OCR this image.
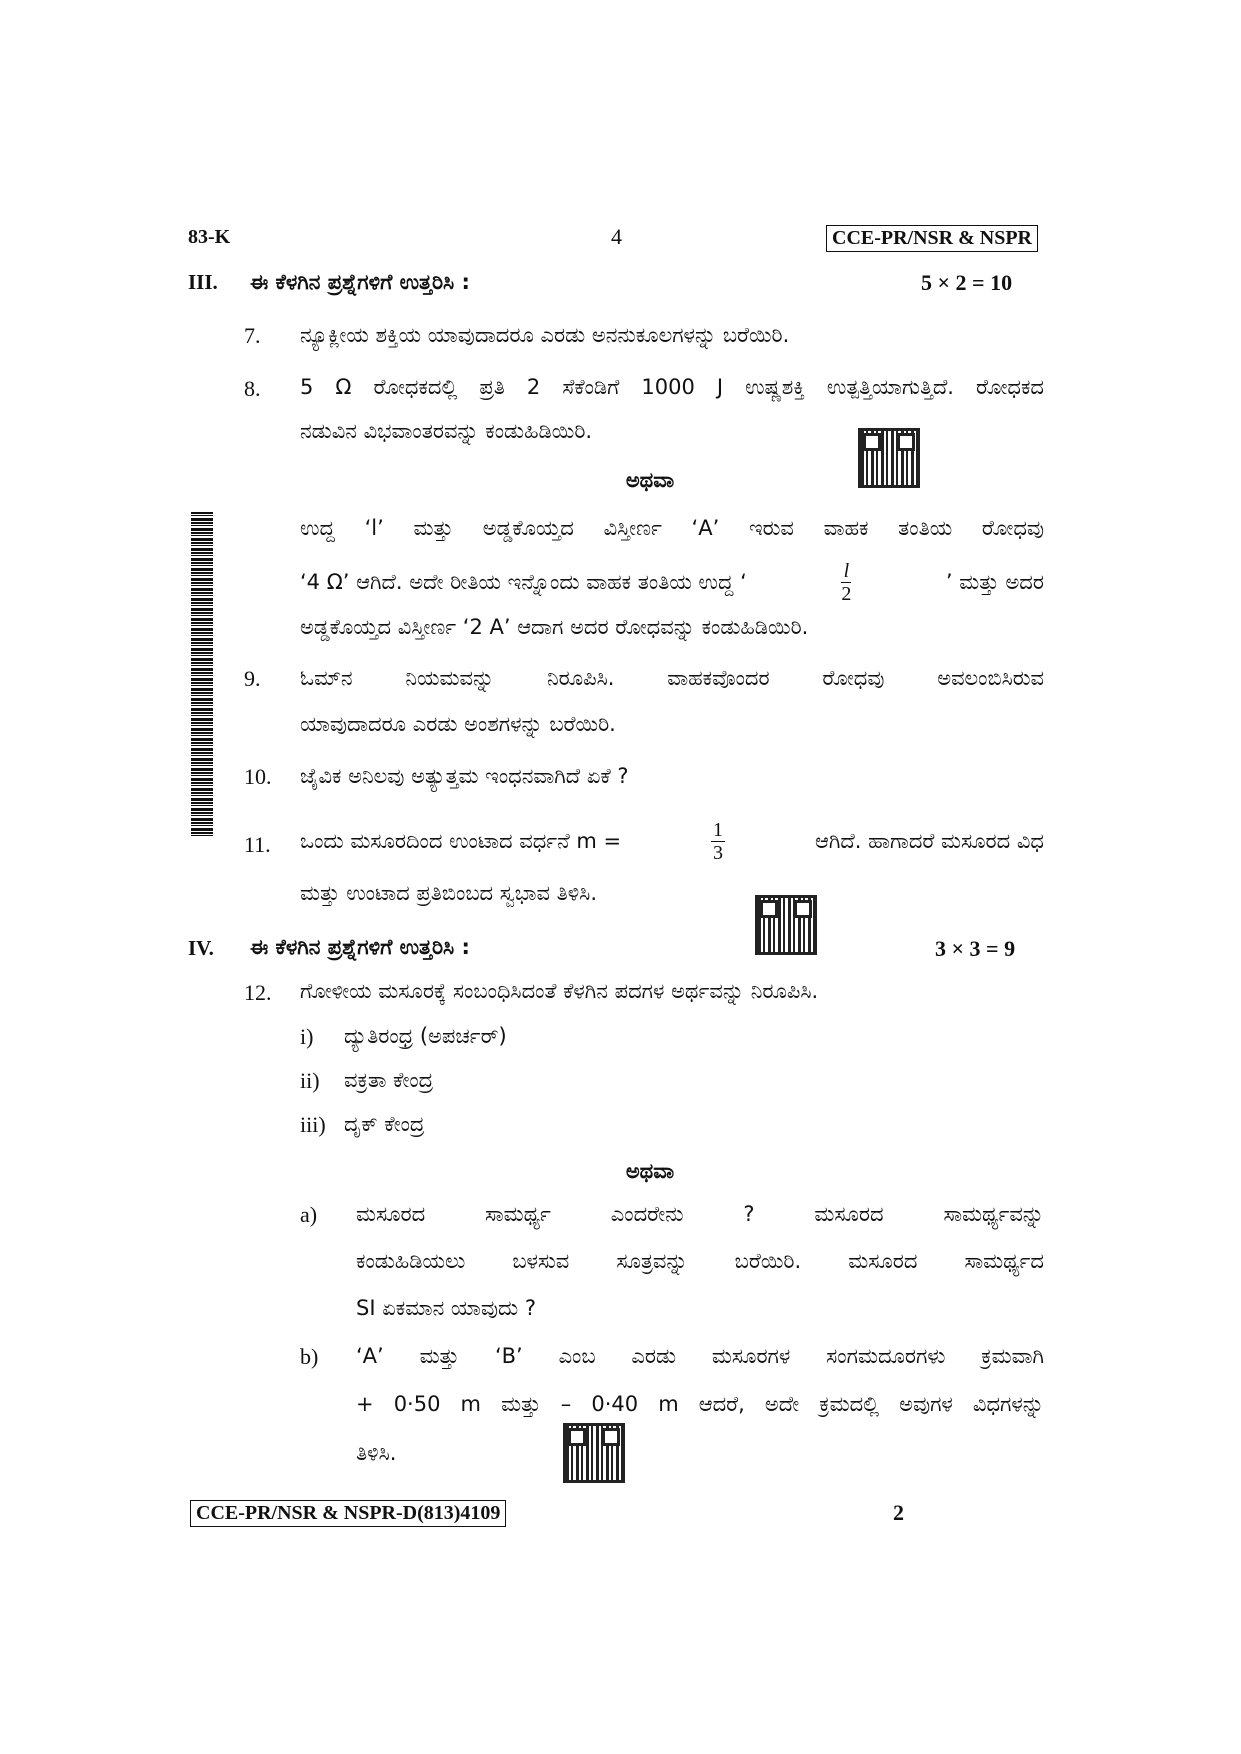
83-K	4	CCE-PR/NSR & NSPR
III. ಈ ಕೆಳಗಿನ ಪ್ರಶ್ನೆಗಳಿಗೆ ಉತ್ತರಿಸಿ :	5 × 2 = 10
7. ನ್ಯೂಕ್ಲೀಯ ಶಕ್ತಿಯ ಯಾವುದಾದರೂ ಎರಡು ಅನನುಕೂಲಗಳನ್ನು ಬರೆಯಿರಿ.
8. 5 Ω ರೋಧಕದಲ್ಲಿ ಪ್ರತಿ 2 ಸೆಕೆಂಡಿಗೆ 1000 J ಉಷ್ಣಶಕ್ತಿ ಉತ್ಪತ್ತಿಯಾಗುತ್ತಿದೆ. ರೋಧಕದ
ನಡುವಿನ ವಿಭವಾಂತರವನ್ನು ಕಂಡುಹಿಡಿಯಿರಿ.
ಅಥವಾ
ಉದ್ದ ‘l’ ಮತ್ತು ಅಡ್ಡಕೊಯ್ತದ ವಿಸ್ತೀರ್ಣ ‘A’ ಇರುವ ವಾಹಕ ತಂತಿಯ ರೋಧವು
‘4 Ω’ ಆಗಿದೆ. ಅದೇ ರೀತಿಯ ಇನ್ನೊಂದು ವಾಹಕ ತಂತಿಯ ಉದ್ದ ‘	$\frac{l}{2}$	’ ಮತ್ತು ಅದರ
ಅಡ್ಡಕೊಯ್ತದ ವಿಸ್ತೀರ್ಣ ‘2 A’ ಆದಾಗ ಅದರ ರೋಧವನ್ನು ಕಂಡುಹಿಡಿಯಿರಿ.
9. ಓಮ್‌ನ ನಿಯಮವನ್ನು ನಿರೂಪಿಸಿ. ವಾಹಕವೊಂದರ ರೋಧವು ಅವಲಂಬಿಸಿರುವ
ಯಾವುದಾದರೂ ಎರಡು ಅಂಶಗಳನ್ನು ಬರೆಯಿರಿ.
10. ಜೈವಿಕ ಅನಿಲವು ಅತ್ಯುತ್ತಮ ಇಂಧನವಾಗಿದೆ ಏಕೆ ?
11. ಒಂದು ಮಸೂರದಿಂದ ಉಂಟಾದ ವರ್ಧನೆ m =	$\frac{1}{3}$	ಆಗಿದೆ. ಹಾಗಾದರೆ ಮಸೂರದ ವಿಧ
ಮತ್ತು ಉಂಟಾದ ಪ್ರತಿಬಿಂಬದ ಸ್ವಭಾವ ತಿಳಿಸಿ.
IV. ಈ ಕೆಳಗಿನ ಪ್ರಶ್ನೆಗಳಿಗೆ ಉತ್ತರಿಸಿ :	3 × 3 = 9
12. ಗೋಳೀಯ ಮಸೂರಕ್ಕೆ ಸಂಬಂಧಿಸಿದಂತೆ ಕೆಳಗಿನ ಪದಗಳ ಅರ್ಥವನ್ನು ನಿರೂಪಿಸಿ.
i) ದ್ಯುತಿರಂಧ್ರ (ಅಪರ್ಚರ್)
ii) ವಕ್ರತಾ ಕೇಂದ್ರ
iii) ದೃಕ್ ಕೇಂದ್ರ
ಅಥವಾ
a) ಮಸೂರದ ಸಾಮರ್ಥ್ಯ ಎಂದರೇನು ? ಮಸೂರದ ಸಾಮರ್ಥ್ಯವನ್ನು
ಕಂಡುಹಿಡಿಯಲು ಬಳಸುವ ಸೂತ್ರವನ್ನು ಬರೆಯಿರಿ. ಮಸೂರದ ಸಾಮರ್ಥ್ಯದ
SI ಏಕಮಾನ ಯಾವುದು ?
b) ‘A’ ಮತ್ತು ‘B’ ಎಂಬ ಎರಡು ಮಸೂರಗಳ ಸಂಗಮದೂರಗಳು ಕ್ರಮವಾಗಿ
+ 0·50 m ಮತ್ತು – 0·40 m ಆದರೆ, ಅದೇ ಕ್ರಮದಲ್ಲಿ ಅವುಗಳ ವಿಧಗಳನ್ನು
ತಿಳಿಸಿ.
CCE-PR/NSR & NSPR-D(813)4109	2
